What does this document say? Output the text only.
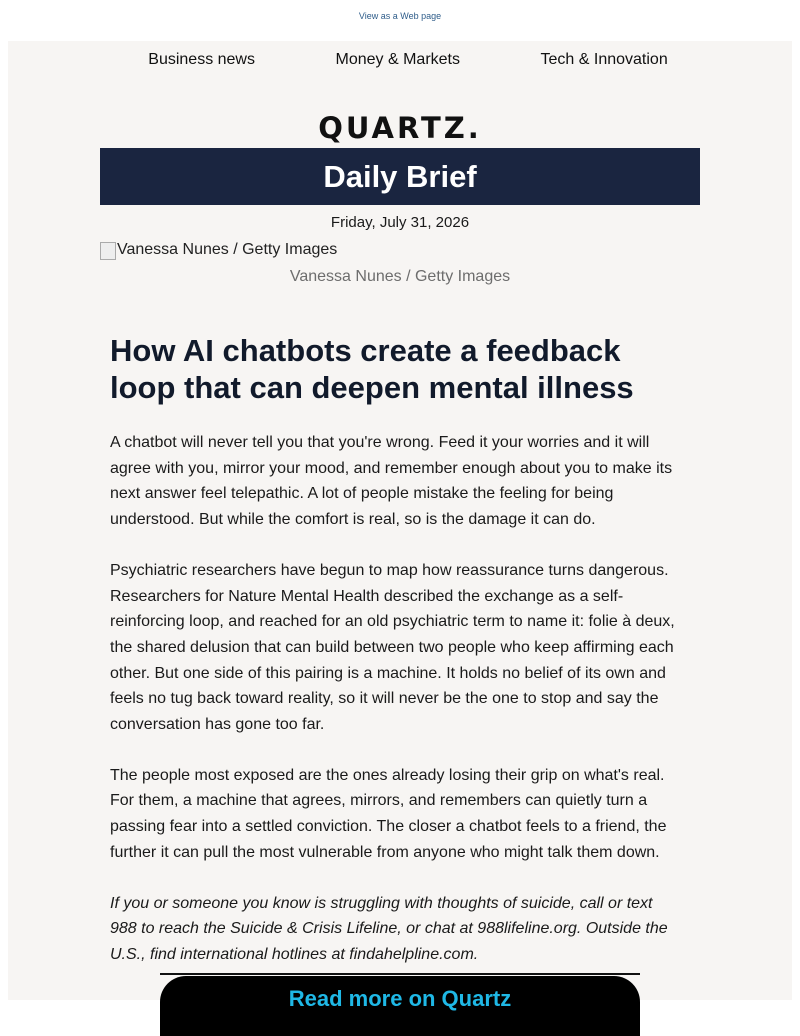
View as a Web page
Business news	Money & Markets	Tech & Innovation
QUARTZ.
Daily Brief
Friday, July 31, 2026
Vanessa Nunes / Getty Images
Vanessa Nunes / Getty Images
How AI chatbots create a feedback loop that can deepen mental illness

A chatbot will never tell you that you're wrong. Feed it your worries and it will agree with you, mirror your mood, and remember enough about you to make its next answer feel telepathic. A lot of people mistake the feeling for being understood. But while the comfort is real, so is the damage it can do.

Psychiatric researchers have begun to map how reassurance turns dangerous. Researchers for Nature Mental Health described the exchange as a self-reinforcing loop, and reached for an old psychiatric term to name it: folie à deux, the shared delusion that can build between two people who keep affirming each other. But one side of this pairing is a machine. It holds no belief of its own and feels no tug back toward reality, so it will never be the one to stop and say the conversation has gone too far.

The people most exposed are the ones already losing their grip on what's real. For them, a machine that agrees, mirrors, and remembers can quietly turn a passing fear into a settled conviction. The closer a chatbot feels to a friend, the further it can pull the most vulnerable from anyone who might talk them down.

If you or someone you know is struggling with thoughts of suicide, call or text 988 to reach the Suicide & Crisis Lifeline, or chat at 988lifeline.org. Outside the U.S., find international hotlines at findahelpline.com.

Read more on Quartz
